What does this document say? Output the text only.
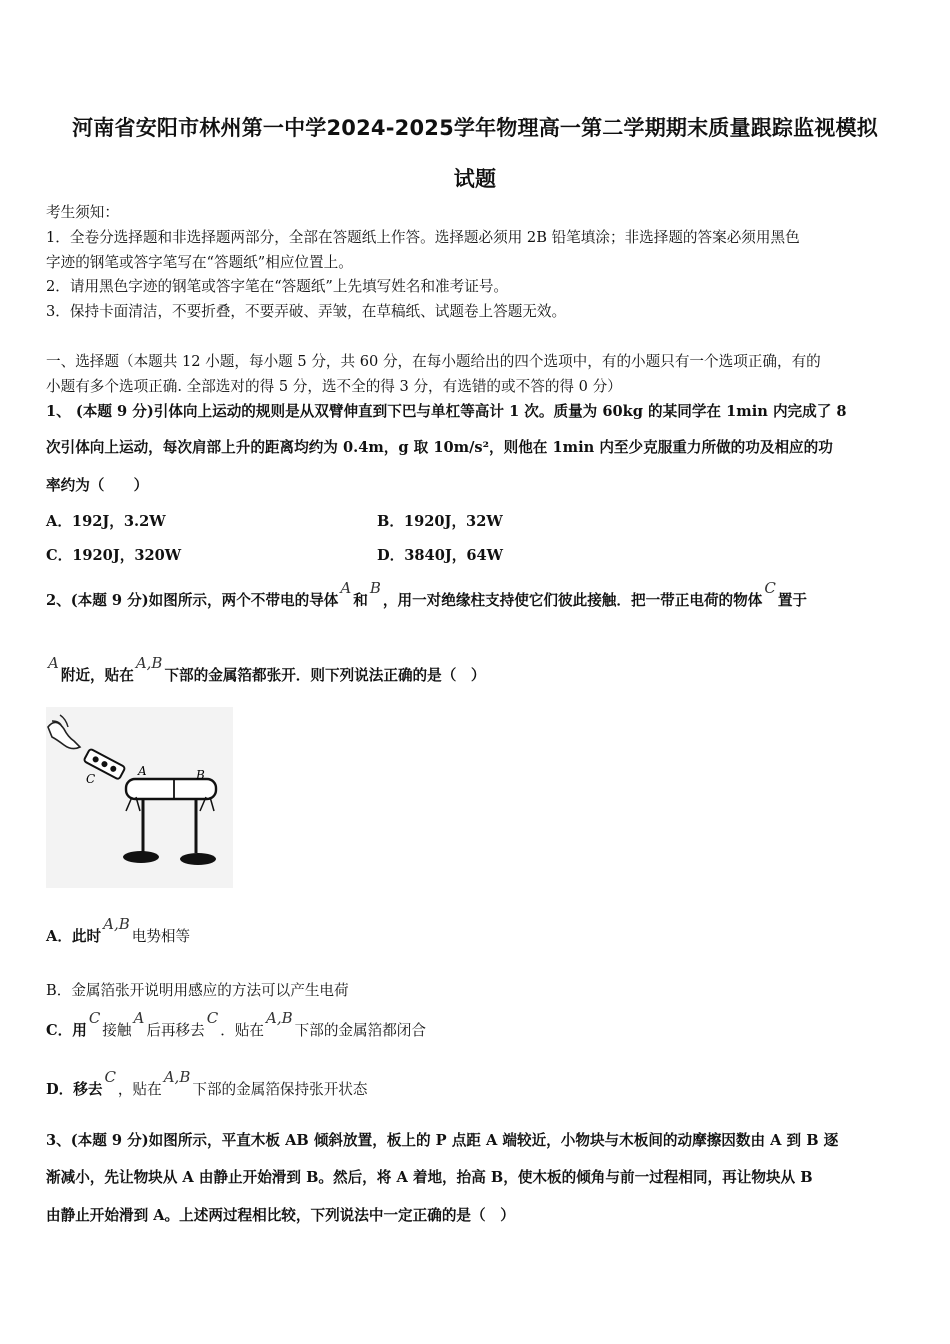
河南省安阳市林州第一中学2024-2025学年物理高一第二学期期末质量跟踪监视模拟
试题
考生须知：
1．全卷分选择题和非选择题两部分，全部在答题纸上作答。选择题必须用 2B 铅笔填涂；非选择题的答案必须用黑色
字迹的钢笔或答字笔写在“答题纸”相应位置上。
2．请用黑色字迹的钢笔或答字笔在“答题纸”上先填写姓名和准考证号。
3．保持卡面清洁，不要折叠，不要弄破、弄皱，在草稿纸、试题卷上答题无效。
一、选择题（本题共 12 小题，每小题 5 分，共 60 分，在每小题给出的四个选项中，有的小题只有一个选项正确，有的
小题有多个选项正确. 全部选对的得 5 分，选不全的得 3 分，有选错的或不答的得 0 分）
1、 (本题 9 分)引体向上运动的规则是从双臂伸直到下巴与单杠等高计 1 次。质量为 60kg 的某同学在 1min 内完成了 8
次引体向上运动，每次肩部上升的距离均约为 0.4m，g 取 10m/s²，则他在 1min 内至少克服重力所做的功及相应的功
率约为（　　）
A．192J，3.2W	B．1920J，32W
C．1920J，320W	D．3840J，64W
2、(本题 9 分)如图所示，两个不带电的导体A和B，用一对绝缘柱支持使它们彼此接触．把一带正电荷的物体C置于
A附近，贴在A,B下部的金属箔都张开．则下列说法正确的是（　）
C
A	B
A．此时A,B电势相等
B．金属箔张开说明用感应的方法可以产生电荷
C．用C接触A后再移去C．贴在A,B下部的金属箔都闭合
D．移去C，贴在A,B下部的金属箔保持张开状态
3、(本题 9 分)如图所示，平直木板 AB 倾斜放置，板上的 P 点距 A 端较近，小物块与木板间的动摩擦因数由 A 到 B 逐
渐减小，先让物块从 A 由静止开始滑到 B。然后，将 A 着地，抬高 B，使木板的倾角与前一过程相同，再让物块从 B
由静止开始滑到 A。上述两过程相比较，下列说法中一定正确的是（　）
